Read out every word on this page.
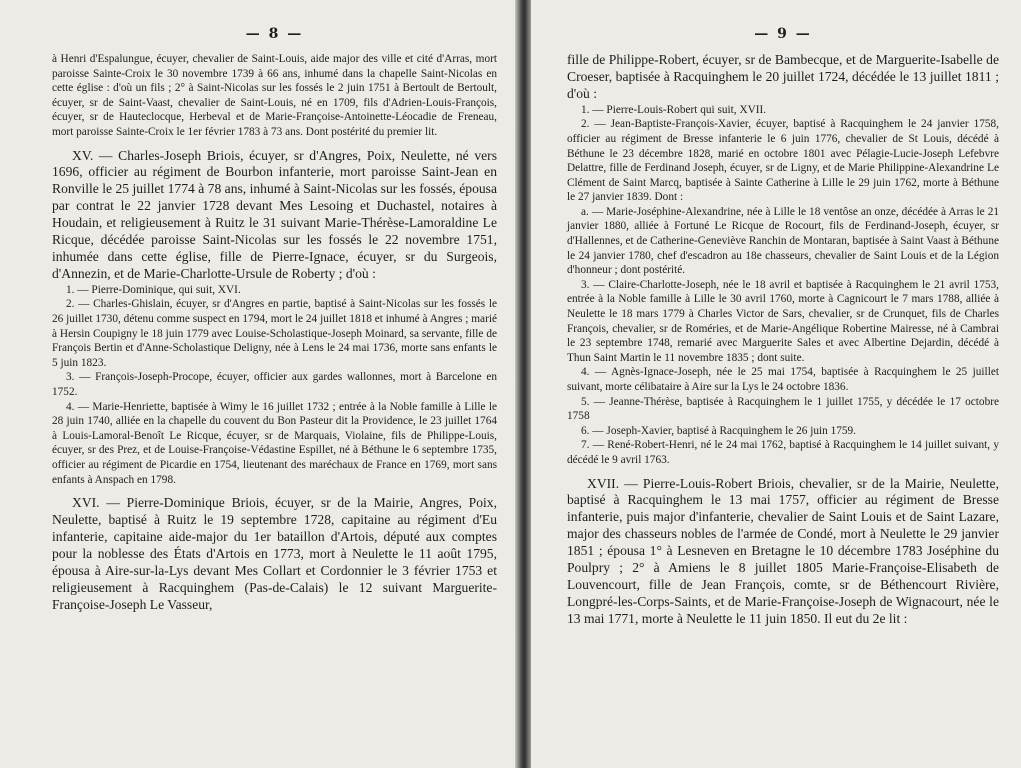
— 8 —

à Henri d'Espalungue, écuyer, chevalier de Saint-Louis, aide major des ville et cité d'Arras, mort paroisse Sainte-Croix le 30 novembre 1739 à 66 ans, inhumé dans la chapelle Saint-Nicolas en cette église : d'où un fils ; 2° à Saint-Nicolas sur les fossés le 2 juin 1751 à Bertoult de Bertoult, écuyer, sr de Saint-Vaast, chevalier de Saint-Louis, né en 1709, fils d'Adrien-Louis-François, écuyer, sr de Hauteclocque, Herbeval et de Marie-Françoise-Antoinette-Léocadie de Freneau, mort paroisse Sainte-Croix le 1er février 1783 à 73 ans. Dont postérité du premier lit.

XV. — Charles-Joseph Briois, écuyer, sr d'Angres, Poix, Neulette, né vers 1696, officier au régiment de Bourbon infanterie, mort paroisse Saint-Jean en Ronville le 25 juillet 1774 à 78 ans, inhumé à Saint-Nicolas sur les fossés, épousa par contrat le 22 janvier 1728 devant Mes Lesoing et Duchastel, notaires à Houdain, et religieusement à Ruitz le 31 suivant Marie-Thérèse-Lamoraldine Le Ricque, décédée paroisse Saint-Nicolas sur les fossés le 22 novembre 1751, inhumée dans cette église, fille de Pierre-Ignace, écuyer, sr du Surgeois, d'Annezin, et de Marie-Charlotte-Ursule de Roberty ; d'où :

1. — Pierre-Dominique, qui suit, XVI.

2. — Charles-Ghislain, écuyer, sr d'Angres en partie, baptisé à Saint-Nicolas sur les fossés le 26 juillet 1730, détenu comme suspect en 1794, mort le 24 juillet 1818 et inhumé à Angres ; marié à Hersin Coupigny le 18 juin 1779 avec Louise-Scholastique-Joseph Moinard, sa servante, fille de François Bertin et d'Anne-Scholastique Deligny, née à Lens le 24 mai 1736, morte sans enfants le 5 juin 1823.

3. — François-Joseph-Procope, écuyer, officier aux gardes wallonnes, mort à Barcelone en 1752.

4. — Marie-Henriette, baptisée à Wimy le 16 juillet 1732 ; entrée à la Noble famille à Lille le 28 juin 1740, alliée en la chapelle du couvent du Bon Pasteur dit la Providence, le 23 juillet 1764 à Louis-Lamoral-Benoît Le Ricque, écuyer, sr de Marquais, Violaine, fils de Philippe-Louis, écuyer, sr des Prez, et de Louise-Françoise-Védastine Espillet, né à Béthune le 6 septembre 1735, officier au régiment de Picardie en 1754, lieutenant des maréchaux de France en 1769, mort sans enfants à Anspach en 1798.

XVI. — Pierre-Dominique Briois, écuyer, sr de la Mairie, Angres, Poix, Neulette, baptisé à Ruitz le 19 septembre 1728, capitaine au régiment d'Eu infanterie, capitaine aide-major du 1er bataillon d'Artois, député aux comptes pour la noblesse des États d'Artois en 1773, mort à Neulette le 11 août 1795, épousa à Aire-sur-la-Lys devant Mes Collart et Cordonnier le 3 février 1753 et religieusement à Racquinghem (Pas-de-Calais) le 12 suivant Marguerite-Françoise-Joseph Le Vasseur,

— 9 —

fille de Philippe-Robert, écuyer, sr de Bambecque, et de Marguerite-Isabelle de Croeser, baptisée à Racquinghem le 20 juillet 1724, décédée le 13 juillet 1811 ; d'où :

1. — Pierre-Louis-Robert qui suit, XVII.

2. — Jean-Baptiste-François-Xavier, écuyer, baptisé à Racquinghem le 24 janvier 1758, officier au régiment de Bresse infanterie le 6 juin 1776, chevalier de St Louis, décédé à Béthune le 23 décembre 1828, marié en octobre 1801 avec Pélagie-Lucie-Joseph Lefebvre Delattre, fille de Ferdinand Joseph, écuyer, sr de Ligny, et de Marie Philippine-Alexandrine Le Clément de Saint Marcq, baptisée à Sainte Catherine à Lille le 29 juin 1762, morte à Béthune le 27 janvier 1839. Dont :

a. — Marie-Joséphine-Alexandrine, née à Lille le 18 ventôse an onze, décédée à Arras le 21 janvier 1880, alliée à Fortuné Le Ricque de Rocourt, fils de Ferdinand-Joseph, écuyer, sr d'Hallennes, et de Catherine-Geneviève Ranchin de Montaran, baptisée à Saint Vaast à Béthune le 24 janvier 1780, chef d'escadron au 18e chasseurs, chevalier de Saint Louis et de la Légion d'honneur ; dont postérité.

3. — Claire-Charlotte-Joseph, née le 18 avril et baptisée à Racquinghem le 21 avril 1753, entrée à la Noble famille à Lille le 30 avril 1760, morte à Cagnicourt le 7 mars 1788, alliée à Neulette le 18 mars 1779 à Charles Victor de Sars, chevalier, sr de Crunquet, fils de Charles François, chevalier, sr de Roméries, et de Marie-Angélique Robertine Mairesse, né à Cambrai le 23 septembre 1748, remarié avec Marguerite Sales et avec Albertine Dejardin, décédé à Thun Saint Martin le 11 novembre 1835 ; dont suite.

4. — Agnès-Ignace-Joseph, née le 25 mai 1754, baptisée à Racquinghem le 25 juillet suivant, morte célibataire à Aire sur la Lys le 24 octobre 1836.

5. — Jeanne-Thérèse, baptisée à Racquinghem le 1 juillet 1755, y décédée le 17 octobre 1758

6. — Joseph-Xavier, baptisé à Racquinghem le 26 juin 1759.

7. — René-Robert-Henri, né le 24 mai 1762, baptisé à Racquinghem le 14 juillet suivant, y décédé le 9 avril 1763.

XVII. — Pierre-Louis-Robert Briois, chevalier, sr de la Mairie, Neulette, baptisé à Racquinghem le 13 mai 1757, officier au régiment de Bresse infanterie, puis major d'infanterie, chevalier de Saint Louis et de Saint Lazare, major des chasseurs nobles de l'armée de Condé, mort à Neulette le 29 janvier 1851 ; épousa 1° à Lesneven en Bretagne le 10 décembre 1783 Joséphine du Poulpry ; 2° à Amiens le 8 juillet 1805 Marie-Françoise-Elisabeth de Louvencourt, fille de Jean François, comte, sr de Béthencourt Rivière, Longpré-les-Corps-Saints, et de Marie-Françoise-Joseph de Wignacourt, née le 13 mai 1771, morte à Neulette le 11 juin 1850. Il eut du 2e lit :
